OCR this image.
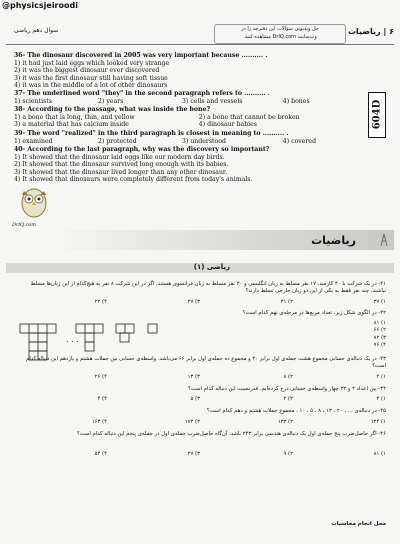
@physicsjeiroodi
۶ | ریاضیات
حل ویدیویی سؤالات این دفترچه را در
وب‌سایت DrlQ.com مشاهده کنید.
سوال دهم ریاضی
36- The dinosaur discovered in 2005 was very important because .......... .
1) it had just laid eggs which looked very strange
2) it was the biggest dinosaur ever discovered
3) it was the first dinosaur still having soft tissue
4) it was in the middle of a lot of other dinosaurs
37- The underlined word "they" in the second paragraph refers to .......... .
1) scientists	2) years	3) cells and vessels	4) bones
38- According to the passage, what was inside the bone?
1) a bone that is long, thin, and yellow	2) a bone that cannot be broken
3) a material that has calcium inside	4) dinosaur babies
39- The word "realized" in the third paragraph is closest in meaning to .......... .
1) examined	2) protected	3) understood	4) covered
40- According to the last paragraph, why was the discovery so important?
1) It showed that the dinosaur laid eggs like our modern day birds.
2) It showed that the dinosaur survived long enough with its babies.
3) It showed that the dinosaur lived longer than any other dinosaur.
4) It showed that dinosaurs were completely different from today's animals.
604D
DrlQ.com
ریاضیات
ریاضی (۱)
۴۱- در یک شرکت با ۴۰ کارمند، ۱۷ نفر مسلط به زبان انگلیسی و ۳۰ نفر مسلط به زبان فرانسوی هستند. اگر در این شرکت ۸ نفر به هیچ‌کدام از این زبان‌ها مسلط نباشند، چند نفر فقط به یکی از این دو زبان خارجی تسلط دارند؟
۱) ۳۷
۲) ۳۱
۳) ۲۷
۴) ۲۲
۴۲- در الگوی شکل زیر، تعداد مربع‌ها در مرحله‌ی نهم کدام است؟
. . .
۱) ۸۱
۲) ۶۶
۳) ۷۲
۴) ۷۶
۴۳- در یک دنباله‌ی حسابی مجموع هشت جمله‌ی اول برابر ۴۰ و مجموع ده جمله‌ی اول برابر ۶۶ می‌باشد. واسطه‌ی حسابی بین جملات هشتم و یازدهم این دنباله کدام است؟
۱) ۴
۲) ۸
۳) ۱۳
۴) ۲۶
۴۴- بین اعداد ۴ و ۳۲ چهار واسطه‌ی حسابی درج کرده‌ایم. قدرنسبت این دنباله کدام است؟
۱) ۴
۲) ۲
۳) ۵
۴) ۴
۴۵- در دنباله‌ی ... ، ۲۰ ، ۱۳ ، ۸ ، ۵ ، ۱۰ ، مجموع جملات هشتم و دهم کدام است؟
۱) ۱۲۴
۲) ۱۳۳
۳) ۱۷۳
۴) ۱۶۳
۴۶- اگر حاصل‌ضرب پنج جمله‌ی اول یک دنباله‌ی هندسی برابر ۲۴۳ باشد، آن‌گاه حاصل‌ضرب جمله‌ی اول در جمله‌ی پنجم این دنباله کدام است؟
۱) ۸۱
۲) ۹
۳) ۲۷
۴) ۵۴
محل انجام محاسبات
